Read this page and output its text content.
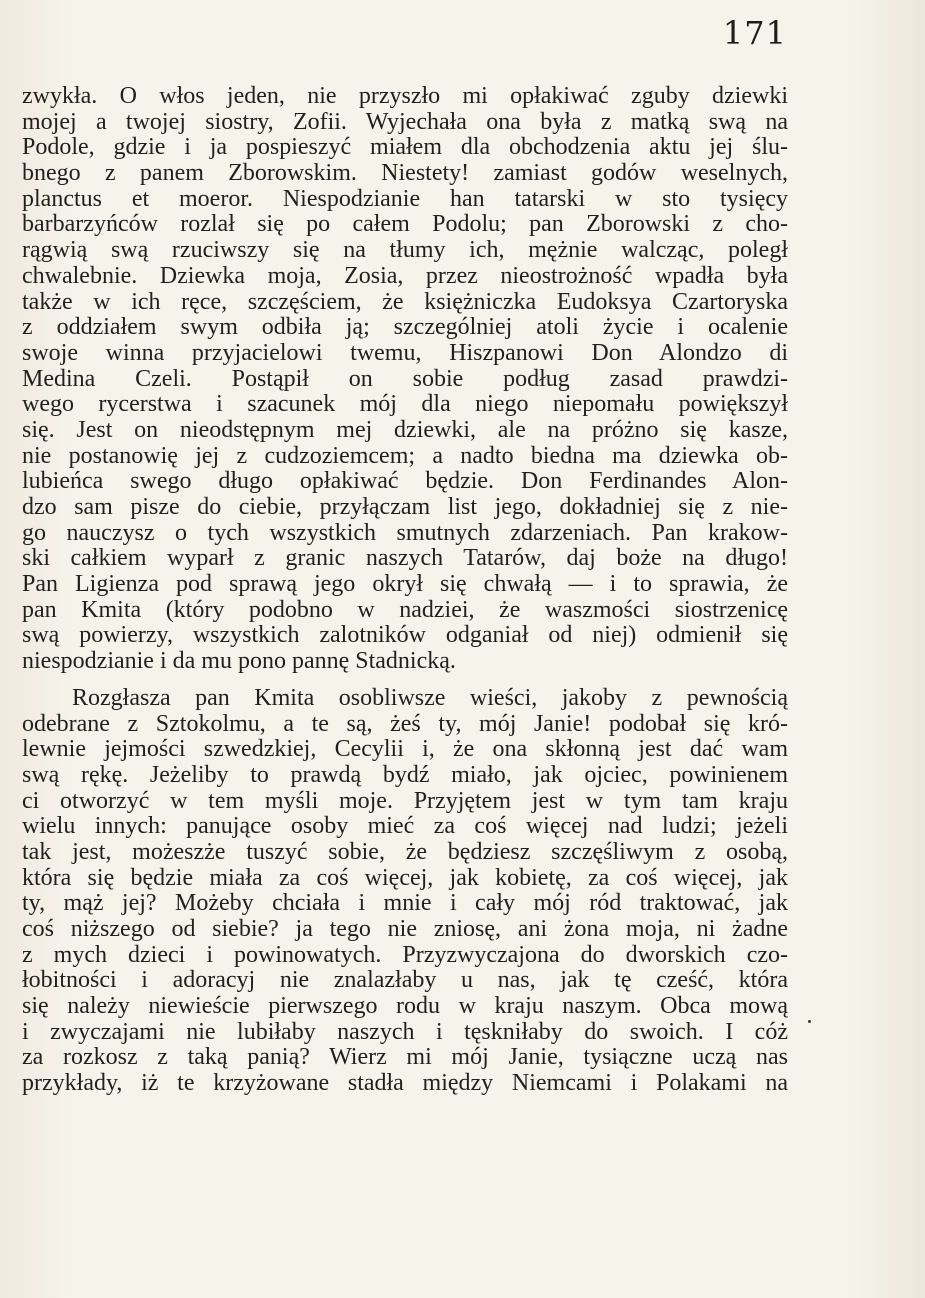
171
zwykła. O włos jeden, nie przyszło mi opłakiwać zguby dziewki
mojej a twojej siostry, Zofii. Wyjechała ona była z matką swą na
Podole, gdzie i ja pospieszyć miałem dla obchodzenia aktu jej ślu-
bnego z panem Zborowskim. Niestety! zamiast godów weselnych,
planctus et moeror. Niespodzianie han tatarski w sto tysięcy
barbarzyńców rozlał się po całem Podolu; pan Zborowski z cho-
rągwią swą rzuciwszy się na tłumy ich, mężnie walcząc, poległ
chwalebnie. Dziewka moja, Zosia, przez nieostrożność wpadła była
także w ich ręce, szczęściem, że księżniczka Eudoksya Czartoryska
z oddziałem swym odbiła ją; szczególniej atoli życie i ocalenie
swoje winna przyjacielowi twemu, Hiszpanowi Don Alondzo di
Medina Czeli. Postąpił on sobie podług zasad prawdzi-
wego rycerstwa i szacunek mój dla niego niepomału powiększył
się. Jest on nieodstępnym mej dziewki, ale na próżno się kasze,
nie postanowię jej z cudzoziemcem; a nadto biedna ma dziewka ob-
lubieńca swego długo opłakiwać będzie. Don Ferdinandes Alon-
dzo sam pisze do ciebie, przyłączam list jego, dokładniej się z nie-
go nauczysz o tych wszystkich smutnych zdarzeniach. Pan krakow-
ski całkiem wyparł z granic naszych Tatarów, daj boże na długo!
Pan Ligienza pod sprawą jego okrył się chwałą — i to sprawia, że
pan Kmita (który podobno w nadziei, że waszmości siostrzenicę
swą powierzy, wszystkich zalotników odganiał od niej) odmienił się
niespodzianie i da mu pono pannę Stadnicką.
Rozgłasza pan Kmita osobliwsze wieści, jakoby z pewnością
odebrane z Sztokolmu, a te są, żeś ty, mój Janie! podobał się kró-
lewnie jejmości szwedzkiej, Cecylii i, że ona skłonną jest dać wam
swą rękę. Jeżeliby to prawdą bydź miało, jak ojciec, powinienem
ci otworzyć w tem myśli moje. Przyjętem jest w tym tam kraju
wielu innych: panujące osoby mieć za coś więcej nad ludzi; jeżeli
tak jest, możeszże tuszyć sobie, że będziesz szczęśliwym z osobą,
która się będzie miała za coś więcej, jak kobietę, za coś więcej, jak
ty, mąż jej? Możeby chciała i mnie i cały mój ród traktować, jak
coś niższego od siebie? ja tego nie zniosę, ani żona moja, ni żadne
z mych dzieci i powinowatych. Przyzwyczajona do dworskich czo-
łobitności i adoracyj nie znalazłaby u nas, jak tę cześć, która
się należy niewieście pierwszego rodu w kraju naszym. Obca mową
i zwyczajami nie lubiłaby naszych i tęskniłaby do swoich. I cóż
za rozkosz z taką panią? Wierz mi mój Janie, tysiączne uczą nas
przykłady, iż te krzyżowane stadła między Niemcami i Polakami na
